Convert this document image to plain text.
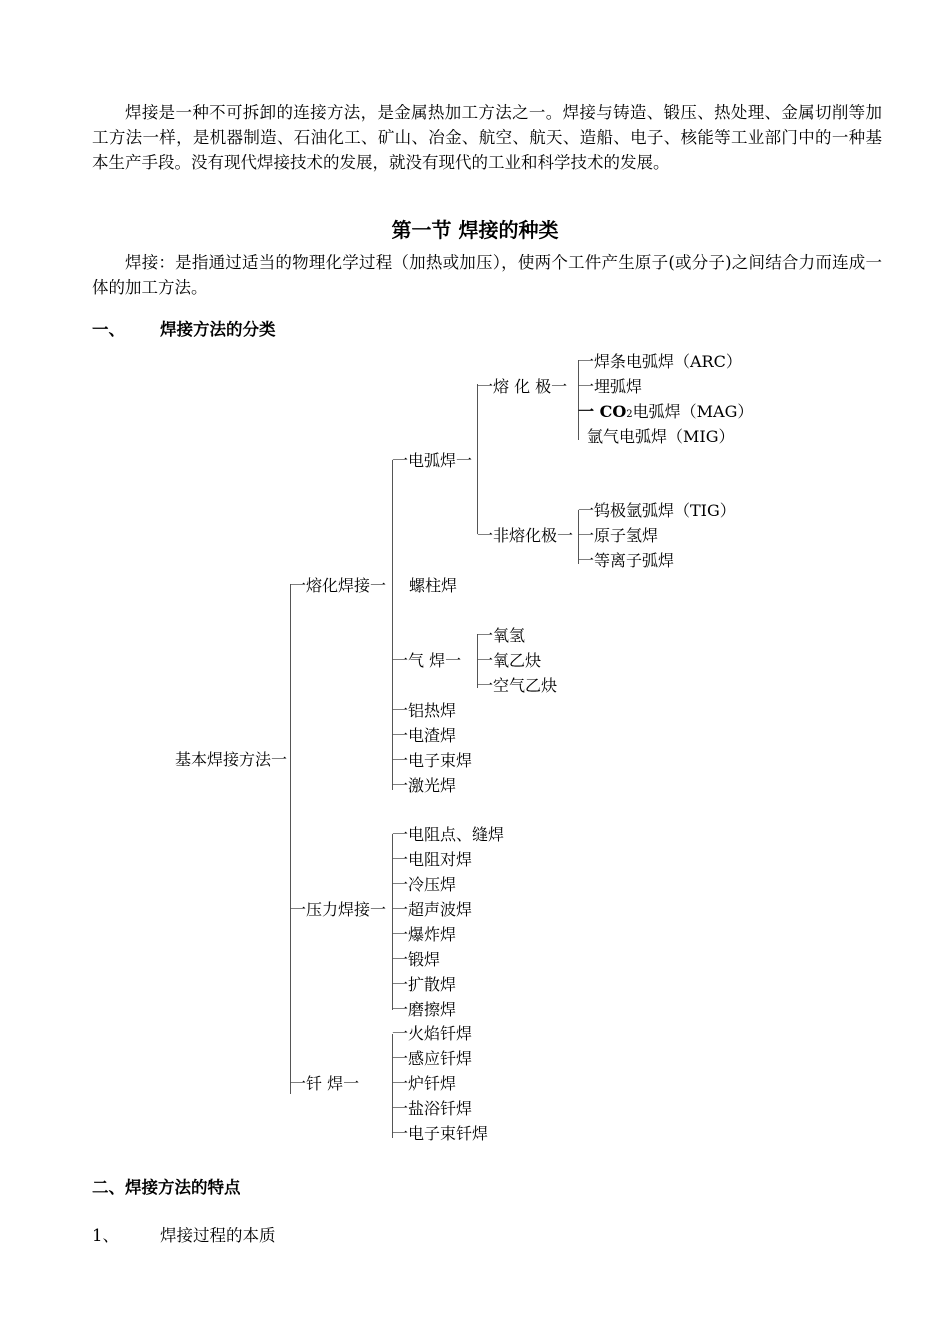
焊接是一种不可拆卸的连接方法，是金属热加工方法之一。焊接与铸造、锻压、热处理、金属切削等加工方法一样，是机器制造、石油化工、矿山、冶金、航空、航天、造船、电子、核能等工业部门中的一种基本生产手段。没有现代焊接技术的发展，就没有现代的工业和科学技术的发展。

第一节 焊接的种类

焊接：是指通过适当的物理化学过程（加热或加压），使两个工件产生原子(或分子)之间结合力而连成一体的加工方法。

一、 焊接方法的分类
基本焊接方法一
一熔化焊接一
一压力焊接一
一钎 焊一
一电弧焊一
螺柱焊
一气 焊一
一铝热焊
一电渣焊
一电子束焊
一激光焊
一熔 化 极一
一非熔化极一
一焊条电弧焊（ARC）
一埋弧焊
一 CO2电弧焊（MAG）
氩气电弧焊（MIG）
一钨极氩弧焊（TIG）
一原子氢焊
一等离子弧焊
一氧氢
一氧乙炔
一空气乙炔
一电阻点、缝焊
一电阻对焊
一冷压焊
一超声波焊
一爆炸焊
一锻焊
一扩散焊
一磨擦焊
一火焰钎焊
一感应钎焊
一炉钎焊
一盐浴钎焊
一电子束钎焊
二、焊接方法的特点
1、 焊接过程的本质
